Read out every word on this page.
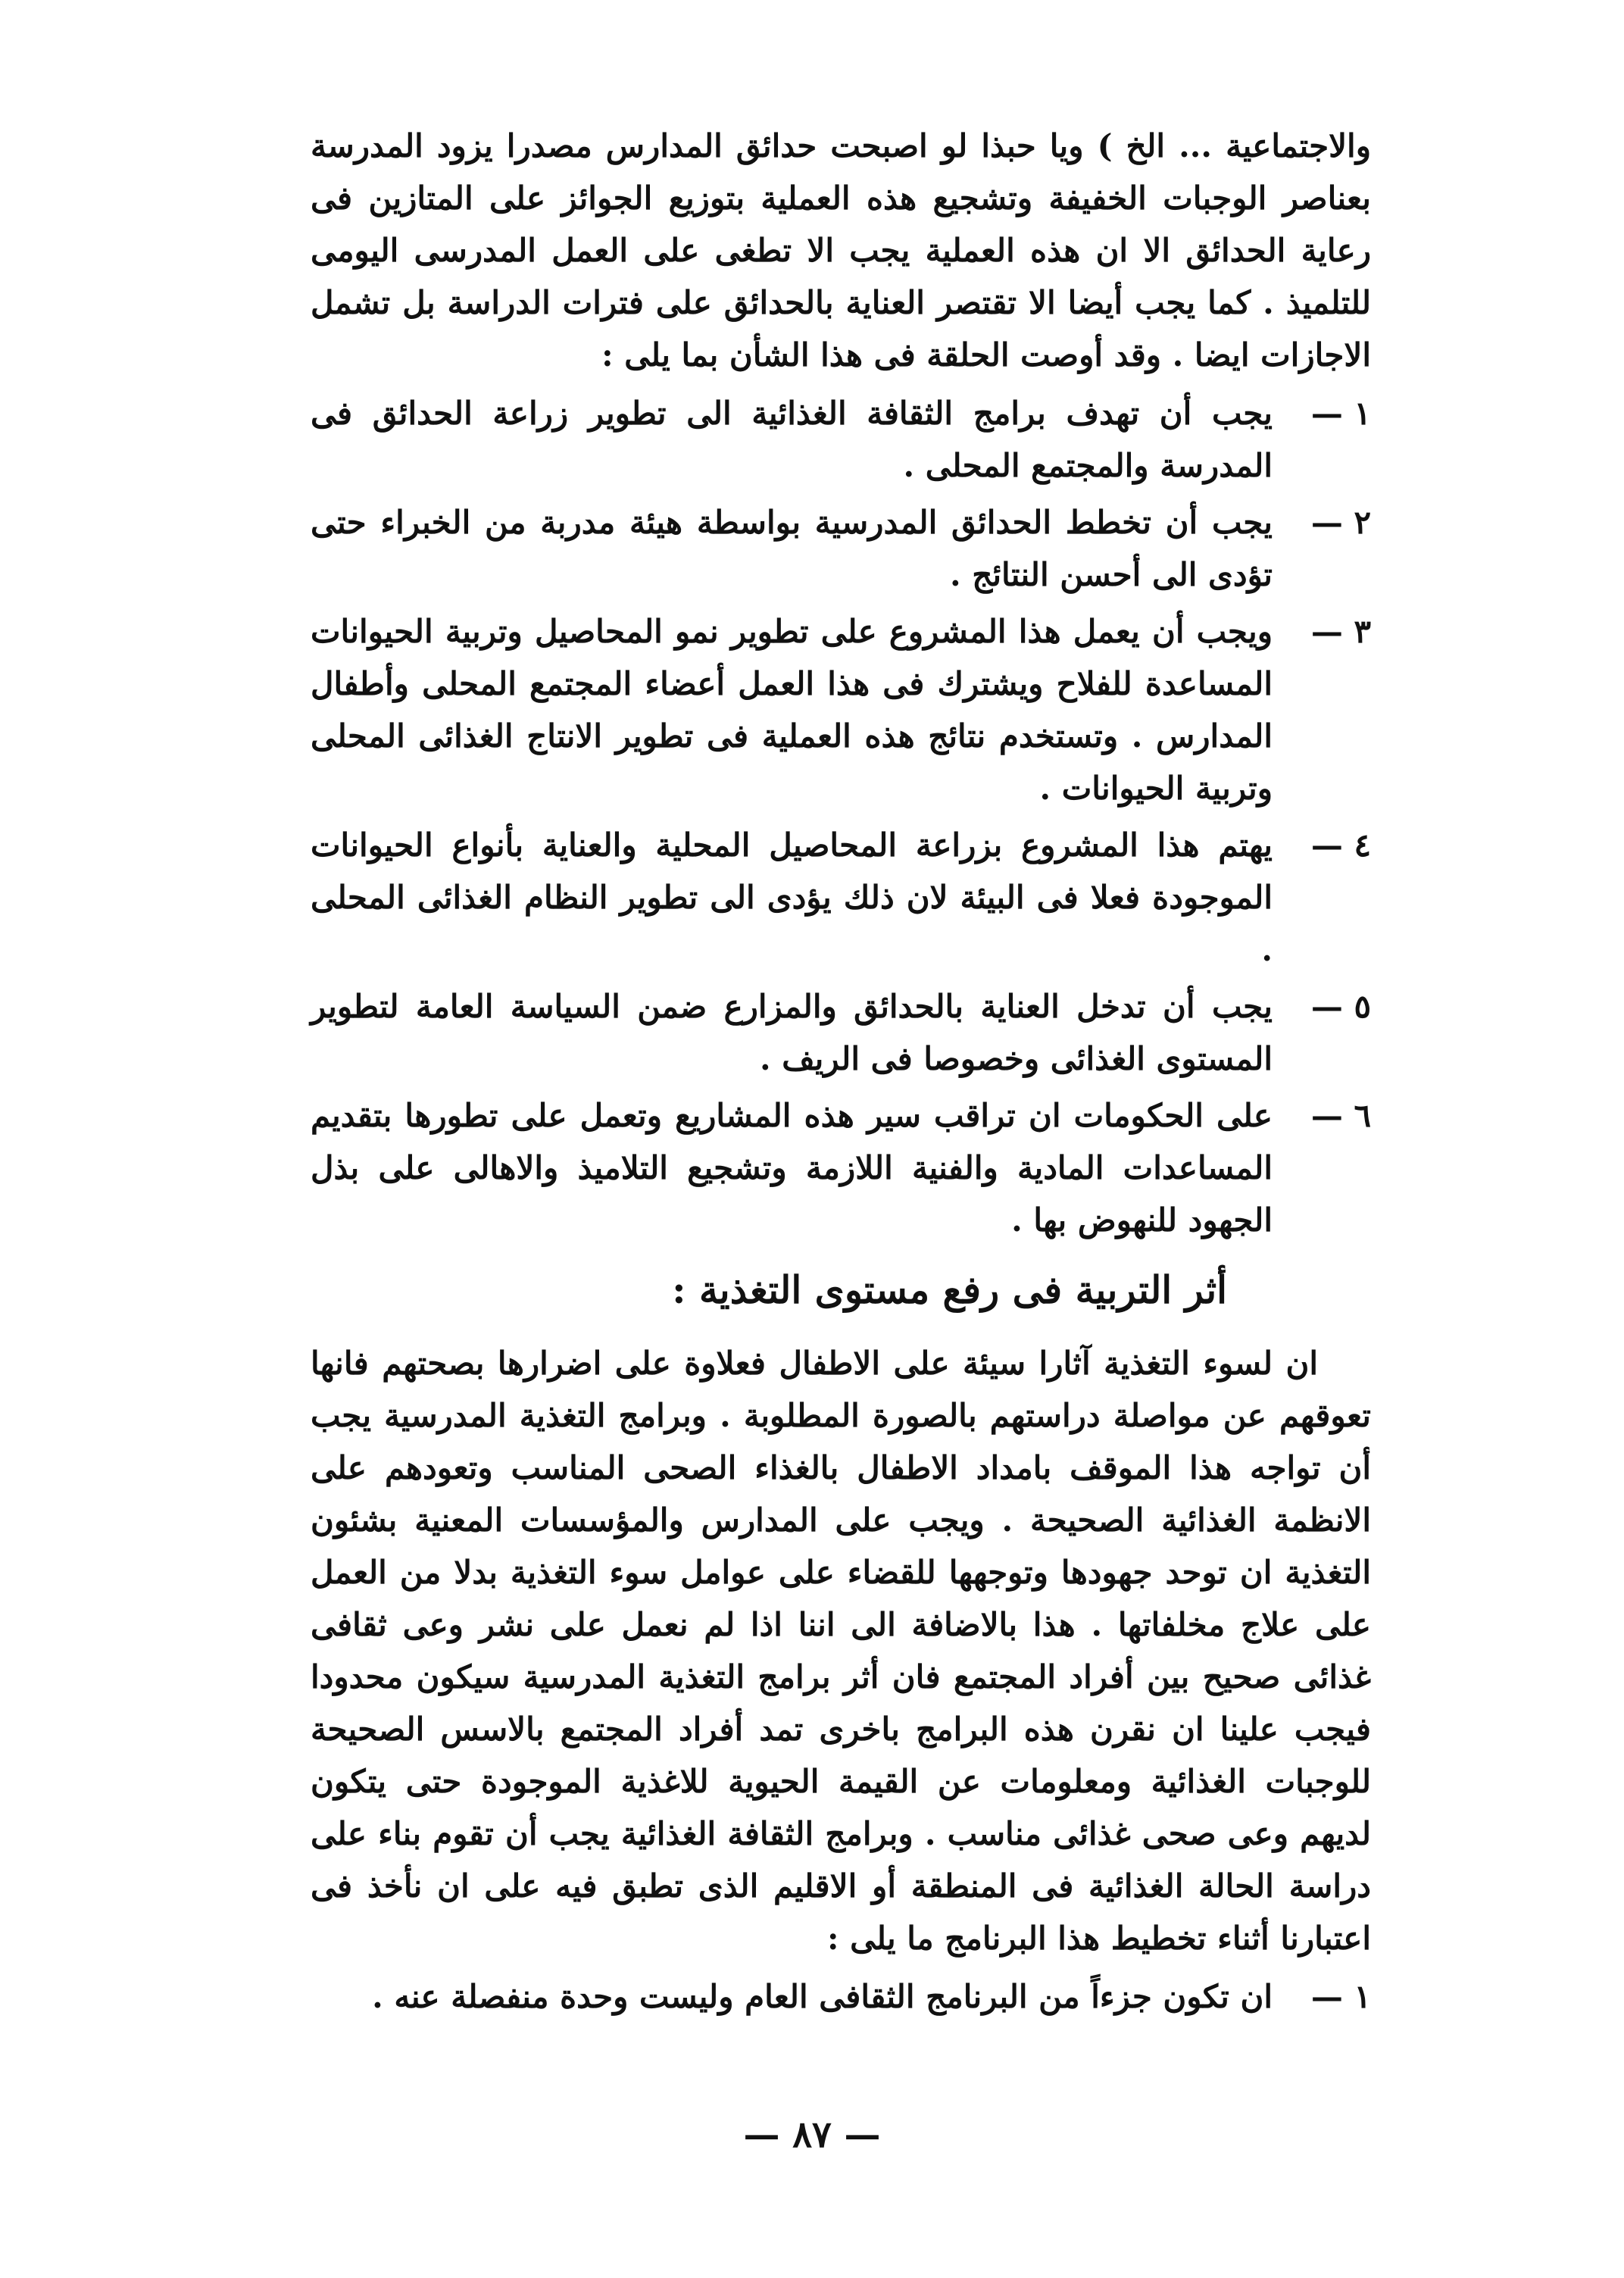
والاجتماعية ... الخ ) ويا حبذا لو اصبحت حدائق المدارس مصدرا يزود المدرسة بعناصر الوجبات الخفيفة وتشجيع هذه العملية بتوزيع الجوائز على المتازين فى رعاية الحدائق الا ان هذه العملية يجب الا تطغى على العمل المدرسى اليومى للتلميذ . كما يجب أيضا الا تقتصر العناية بالحدائق على فترات الدراسة بل تشمل الاجازات ايضا . وقد أوصت الحلقة فى هذا الشأن بما يلى :

١ —
يجب أن تهدف برامج الثقافة الغذائية الى تطوير زراعة الحدائق فى المدرسة والمجتمع المحلى .
٢ —
يجب أن تخطط الحدائق المدرسية بواسطة هيئة مدربة من الخبراء حتى تؤدى الى أحسن النتائج .
٣ —
ويجب أن يعمل هذا المشروع على تطوير نمو المحاصيل وتربية الحيوانات المساعدة للفلاح ويشترك فى هذا العمل أعضاء المجتمع المحلى وأطفال المدارس . وتستخدم نتائج هذه العملية فى تطوير الانتاج الغذائى المحلى وتربية الحيوانات .
٤ —
يهتم هذا المشروع بزراعة المحاصيل المحلية والعناية بأنواع الحيوانات الموجودة فعلا فى البيئة لان ذلك يؤدى الى تطوير النظام الغذائى المحلى .
٥ —
يجب أن تدخل العناية بالحدائق والمزارع ضمن السياسة العامة لتطوير المستوى الغذائى وخصوصا فى الريف .
٦ —
على الحكومات ان تراقب سير هذه المشاريع وتعمل على تطورها بتقديم المساعدات المادية والفنية اللازمة وتشجيع التلاميذ والاهالى على بذل الجهود للنهوض بها .
أثر التربية فى رفع مستوى التغذية :

ان لسوء التغذية آثارا سيئة على الاطفال فعلاوة على اضرارها بصحتهم فانها تعوقهم عن مواصلة دراستهم بالصورة المطلوبة . وبرامج التغذية المدرسية يجب أن تواجه هذا الموقف بامداد الاطفال بالغذاء الصحى المناسب وتعودهم على الانظمة الغذائية الصحيحة . ويجب على المدارس والمؤسسات المعنية بشئون التغذية ان توحد جهودها وتوجهها للقضاء على عوامل سوء التغذية بدلا من العمل على علاج مخلفاتها . هذا بالاضافة الى اننا اذا لم نعمل على نشر وعى ثقافى غذائى صحيح بين أفراد المجتمع فان أثر برامج التغذية المدرسية سيكون محدودا فيجب علينا ان نقرن هذه البرامج باخرى تمد أفراد المجتمع بالاسس الصحيحة للوجبات الغذائية ومعلومات عن القيمة الحيوية للاغذية الموجودة حتى يتكون لديهم وعى صحى غذائى مناسب . وبرامج الثقافة الغذائية يجب أن تقوم بناء على دراسة الحالة الغذائية فى المنطقة أو الاقليم الذى تطبق فيه على ان نأخذ فى اعتبارنا أثناء تخطيط هذا البرنامج ما يلى :

١ —
ان تكون جزءاً من البرنامج الثقافى العام وليست وحدة منفصلة عنه .
— ٨٧ —
